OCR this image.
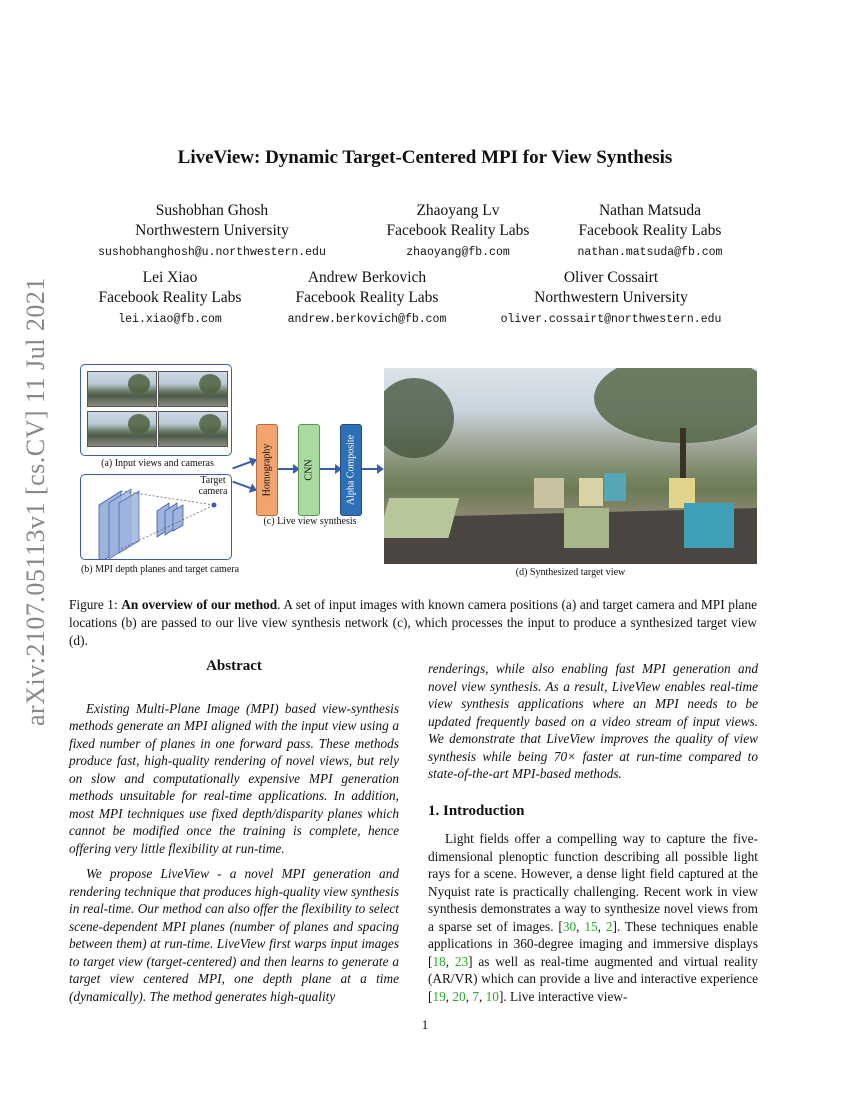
arXiv:2107.05113v1 [cs.CV] 11 Jul 2021
LiveView: Dynamic Target-Centered MPI for View Synthesis
Sushobhan Ghosh
Northwestern University
sushobhanghosh@u.northwestern.edu
Zhaoyang Lv
Facebook Reality Labs
zhaoyang@fb.com
Nathan Matsuda
Facebook Reality Labs
nathan.matsuda@fb.com
Lei Xiao
Facebook Reality Labs
lei.xiao@fb.com
Andrew Berkovich
Facebook Reality Labs
andrew.berkovich@fb.com
Oliver Cossairt
Northwestern University
oliver.cossairt@northwestern.edu
(a) Input views and cameras
Target camera
(b) MPI depth planes and target camera
Homography	CNN	Alpha Composite
(c) Live view synthesis
(d) Synthesized target view
Figure 1: An overview of our method. A set of input images with known camera positions (a) and target camera and MPI plane locations (b) are passed to our live view synthesis network (c), which processes the input to produce a synthesized target view (d).
Abstract
Existing Multi-Plane Image (MPI) based view-synthesis methods generate an MPI aligned with the input view using a fixed number of planes in one forward pass. These methods produce fast, high-quality rendering of novel views, but rely on slow and computationally expensive MPI generation methods unsuitable for real-time applications. In addition, most MPI techniques use fixed depth/disparity planes which cannot be modified once the training is complete, hence offering very little flexibility at run-time.
We propose LiveView - a novel MPI generation and rendering technique that produces high-quality view synthesis in real-time. Our method can also offer the flexibility to select scene-dependent MPI planes (number of planes and spacing between them) at run-time. LiveView first warps input images to target view (target-centered) and then learns to generate a target view centered MPI, one depth plane at a time (dynamically). The method generates high-quality
renderings, while also enabling fast MPI generation and novel view synthesis. As a result, LiveView enables real-time view synthesis applications where an MPI needs to be updated frequently based on a video stream of input views. We demonstrate that LiveView improves the quality of view synthesis while being 70× faster at run-time compared to state-of-the-art MPI-based methods.
1. Introduction
Light fields offer a compelling way to capture the five-dimensional plenoptic function describing all possible light rays for a scene. However, a dense light field captured at the Nyquist rate is practically challenging. Recent work in view synthesis demonstrates a way to synthesize novel views from a sparse set of images. [30, 15, 2]. These techniques enable applications in 360-degree imaging and immersive displays [18, 23] as well as real-time augmented and virtual reality (AR/VR) which can provide a live and interactive experience [19, 20, 7, 10]. Live interactive view-
1
